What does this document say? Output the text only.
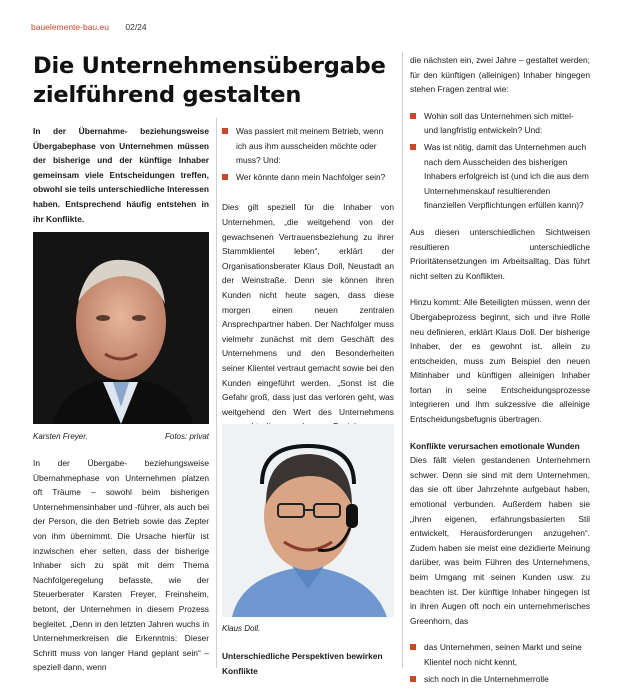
bauelemente-bau.eu 02/24
Die Unternehmensübergabe zielführend gestalten
In der Übernahme- beziehungsweise Übergabephase von Unternehmen müssen der bisherige und der künftige Inhaber gemeinsam viele Entscheidungen treffen, obwohl sie teils unterschiedliche Interessen haben. Entsprechend häufig entstehen in ihr Konflikte.
Karsten Freyer.	Fotos: privat
In der Übergabe- beziehungsweise Übernahmephase von Unternehmen platzen oft Träume – sowohl beim bisherigen Unternehmensinhaber und -führer, als auch bei der Person, die den Betrieb sowie das Zepter von ihm übernimmt. Die Ursache hierfür ist inzwischen eher selten, dass der bisherige Inhaber sich zu spät mit dem Thema Nachfolgeregelung befasste, wie der Steuerberater Karsten Freyer, Freinsheim, betont, der Unternehmen in diesem Prozess begleitet. „Denn in den letzten Jahren wuchs in Unternehmerkreisen die Erkenntnis: Dieser Schritt muss von langer Hand geplant sein“ – speziell dann, wenn
Was passiert mit meinem Betrieb, wenn ich aus ihm ausscheiden möchte oder muss? Und:
Wer könnte dann mein Nachfolger sein?
Dies gilt speziell für die Inhaber von Unternehmen, „die weitgehend von der gewachsenen Vertrauensbeziehung zu ihrer Stammklientel leben“, erklärt der Organisationsberater Klaus Doll, Neustadt an der Weinstraße. Denn sie können ihren Kunden nicht heute sagen, dass diese morgen einen neuen zentralen Ansprechpartner haben. Der Nachfolger muss vielmehr zunächst mit dem Geschäft des Unternehmens und den Besonderheiten seiner Klientel vertraut gemacht sowie bei den Kunden eingeführt werden. „Sonst ist die Gefahr groß, dass just das verloren geht, was weitgehend den Wert des Unternehmens
Klaus Doll.
Unterschiedliche Perspektiven bewirken Konflikte
die nächsten ein, zwei Jahre – gestaltet werden; für den künftigen (alleinigen) Inhaber hingegen stehen Fragen zentral wie:
Wohin soll das Unternehmen sich mittel- und langfristig entwickeln? Und:
Was ist nötig, damit das Unternehmen auch nach dem Ausscheiden des bisherigen Inhabers erfolgreich ist (und ich die aus dem Unternehmenskauf resultierenden finanziellen Verpflichtungen erfüllen kann)?
Aus diesen unterschiedlichen Sichtweisen resultieren unterschiedliche Prioritätensetzungen im Arbeitsalltag. Das führt nicht selten zu Konflikten.
Hinzu kommt: Alle Beteiligten müssen, wenn der Übergabeprozess beginnt, sich und ihre Rolle neu definieren, erklärt Klaus Doll. Der bisherige Inhaber, der es gewohnt ist, allein zu entscheiden, muss zum Beispiel den neuen Mitinhaber und künftigen alleinigen Inhaber fortan in seine Entscheidungsprozesse integrieren und ihm sukzessive die alleinige Entscheidungsbefugnis übertragen.
Konflikte verursachen emotionale Wunden
Dies fällt vielen gestandenen Unternehmern schwer. Denn sie sind mit dem Unternehmen, das sie oft über Jahrzehnte aufgebaut haben, emotional verbunden. Außerdem haben sie „ihren eigenen, erfahrungsbasierten Stil entwickelt, Herausforderungen anzugehen“. Zudem haben sie meist eine dezidierte Meinung darüber, was beim Führen des Unternehmens, beim Umgang mit seinen Kunden usw. zu beachten ist. Der künftige Inhaber hingegen ist in ihren Augen oft noch ein unternehmerisches Greenhorn, das
das Unternehmen, seinen Markt und seine Klientel noch nicht kennt,
sich noch in die Unternehmerrolle
